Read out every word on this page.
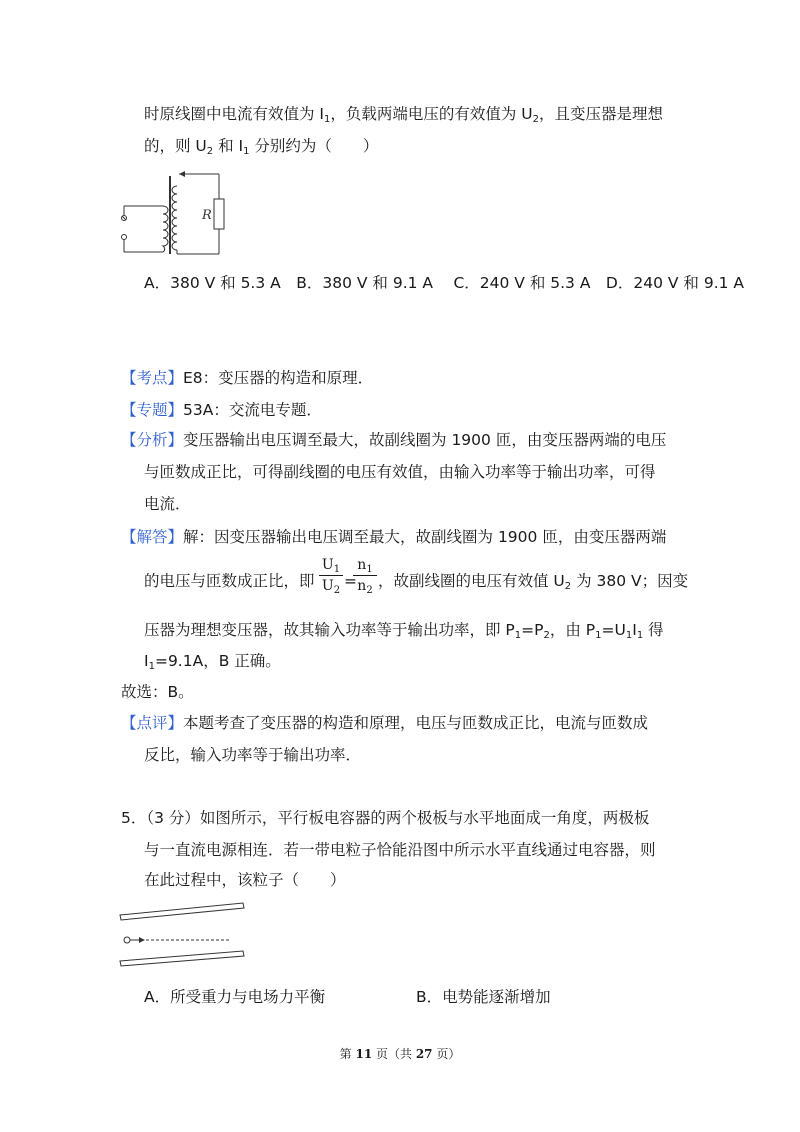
时原线圈中电流有效值为 $I_1$，负载两端电压的有效值为 $U_2$，且变压器是理想
的，则 $U_2$ 和 $I_1$ 分别约为（　　）
R
A．380 V 和 5.3 A　B．380 V 和 9.1 A　 C．240 V 和 5.3 A　D．240 V 和 9.1 A
【考点】E8：变压器的构造和原理．
【专题】53A：交流电专题．
【分析】变压器输出电压调至最大，故副线圈为 1900 匝，由变压器两端的电压
与匝数成正比，可得副线圈的电压有效值，由输入功率等于输出功率，可得
电流．
【解答】解：因变压器输出电压调至最大，故副线圈为 1900 匝，由变压器两端
的电压与匝数成正比，即
$U_1$
$U_2$
=
$n_1$
$n_2$
，故副线圈的电压有效值 $U_2$ 为 380 V；因变
压器为理想变压器，故其输入功率等于输出功率，即 $P_1=P_2$，由 $P_1=U_1I_1$ 得
$I_1=9.1A$，B 正确。
故选：B。
【点评】本题考查了变压器的构造和原理，电压与匝数成正比，电流与匝数成
反比，输入功率等于输出功率．
5．（3 分）如图所示，平行板电容器的两个极板与水平地面成一角度，两极板
与一直流电源相连．若一带电粒子恰能沿图中所示水平直线通过电容器，则
在此过程中，该粒子（　　）
A．所受重力与电场力平衡	B．电势能逐渐增加
第 11 页（共 27 页）
